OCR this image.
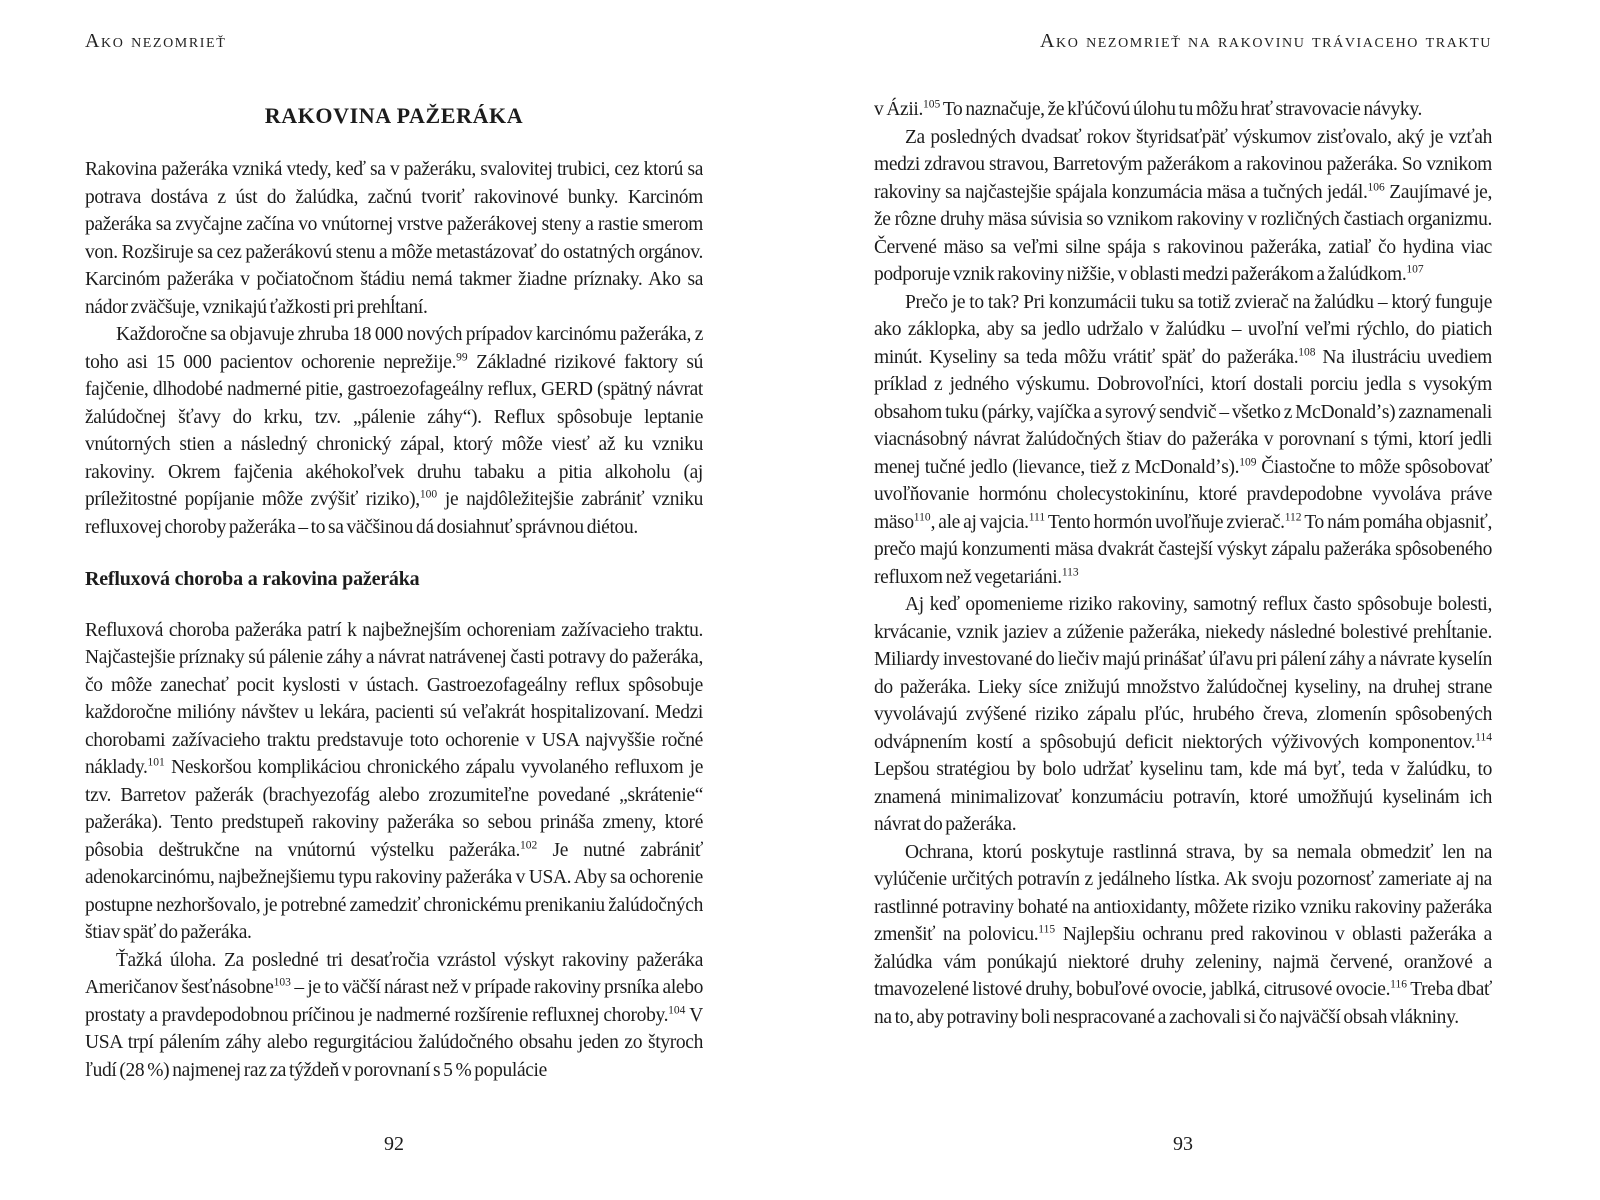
Ako nezomrieť
RAKOVINA PAŽERÁKA

Rakovina pažeráka vzniká vtedy, keď sa v pažeráku, svalovitej trubici, cez ktorú sa potrava dostáva z úst do žalúdka, začnú tvoriť rakovinové bunky. Karcinóm pažeráka sa zvyčajne začína vo vnútornej vrstve pažerákovej steny a rastie smerom von. Rozširuje sa cez pažerákovú stenu a môže metastázovať do ostatných orgánov. Karcinóm pažeráka v počiatočnom štádiu nemá takmer žiadne príznaky. Ako sa nádor zväčšuje, vznikajú ťažkosti pri prehĺtaní.

Každoročne sa objavuje zhruba 18 000 nových prípadov karcinómu pažeráka, z toho asi 15 000 pacientov ochorenie neprežije.$^{99}$ Základné rizikové faktory sú fajčenie, dlhodobé nadmerné pitie, gastroezofageálny reflux, GERD (spätný návrat žalúdočnej šťavy do krku, tzv. „pálenie záhy“). Reflux spôsobuje leptanie vnútorných stien a následný chronický zápal, ktorý môže viesť až ku vzniku rakoviny. Okrem fajčenia akéhokoľvek druhu tabaku a pitia alkoholu (aj príležitostné popíjanie môže zvýšiť riziko),$^{100}$ je najdôležitejšie zabrániť vzniku refluxovej choroby pažeráka – to sa väčšinou dá dosiahnuť správnou diétou.

Refluxová choroba a rakovina pažeráka

Refluxová choroba pažeráka patrí k najbežnejším ochoreniam zažívacieho traktu. Najčastejšie príznaky sú pálenie záhy a návrat natrávenej časti potravy do pažeráka, čo môže zanechať pocit kyslosti v ústach. Gastroezofageálny reflux spôsobuje každoročne milióny návštev u lekára, pacienti sú veľakrát hospitalizovaní. Medzi chorobami zažívacieho traktu predstavuje toto ochorenie v USA najvyššie ročné náklady.$^{101}$ Neskoršou komplikáciou chronického zápalu vyvolaného refluxom je tzv. Barretov pažerák (brachyezofág alebo zrozumiteľne povedané „skrátenie“ pažeráka). Tento predstupeň rakoviny pažeráka so sebou prináša zmeny, ktoré pôsobia deštrukčne na vnútornú výstelku pažeráka.$^{102}$ Je nutné zabrániť adenokarcinómu, najbežnejšiemu typu rakoviny pažeráka v USA. Aby sa ochorenie postupne nezhoršovalo, je potrebné zamedziť chronickému prenikaniu žalúdočných štiav späť do pažeráka.

Ťažká úloha. Za posledné tri desaťročia vzrástol výskyt rakoviny pažeráka Američanov šesťnásobne$^{103}$ – je to väčší nárast než v prípade rakoviny prsníka alebo prostaty a pravdepodobnou príčinou je nadmerné rozšírenie refluxnej choroby.$^{104}$ V USA trpí pálením záhy alebo regurgitáciou žalúdočného obsahu jeden zo štyroch ľudí (28 %) najmenej raz za týždeň v porovnaní s 5 % populácie

92
Ako nezomrieť na rakovinu tráviaceho traktu

v Ázii.$^{105}$ To naznačuje, že kľúčovú úlohu tu môžu hrať stravovacie návyky.

Za posledných dvadsať rokov štyridsaťpäť výskumov zisťovalo, aký je vzťah medzi zdravou stravou, Barretovým pažerákom a rakovinou pažeráka. So vznikom rakoviny sa najčastejšie spájala konzumácia mäsa a tučných jedál.$^{106}$ Zaujímavé je, že rôzne druhy mäsa súvisia so vznikom rakoviny v rozličných častiach organizmu. Červené mäso sa veľmi silne spája s rakovinou pažeráka, zatiaľ čo hydina viac podporuje vznik rakoviny nižšie, v oblasti medzi pažerákom a žalúdkom.$^{107}$

Prečo je to tak? Pri konzumácii tuku sa totiž zvierač na žalúdku – ktorý funguje ako záklopka, aby sa jedlo udržalo v žalúdku – uvoľní veľmi rýchlo, do piatich minút. Kyseliny sa teda môžu vrátiť späť do pažeráka.$^{108}$ Na ilustráciu uvediem príklad z jedného výskumu. Dobrovoľníci, ktorí dostali porciu jedla s vysokým obsahom tuku (párky, vajíčka a syrový sendvič – všetko z McDonaldʼs) zaznamenali viacnásobný návrat žalúdočných štiav do pažeráka v porovnaní s tými, ktorí jedli menej tučné jedlo (lievance, tiež z McDonaldʼs).$^{109}$ Čiastočne to môže spôsobovať uvoľňovanie hormónu cholecystokinínu, ktoré pravdepodobne vyvoláva práve mäso$^{110}$, ale aj vajcia.$^{111}$ Tento hormón uvoľňuje zvierač.$^{112}$ To nám pomáha objasniť, prečo majú konzumenti mäsa dvakrát častejší výskyt zápalu pažeráka spôsobeného refluxom než vegetariáni.$^{113}$

Aj keď opomenieme riziko rakoviny, samotný reflux často spôsobuje bolesti, krvácanie, vznik jaziev a zúženie pažeráka, niekedy následné bolestivé prehĺtanie. Miliardy investované do liečiv majú prinášať úľavu pri pálení záhy a návrate kyselín do pažeráka. Lieky síce znižujú množstvo žalúdočnej kyseliny, na druhej strane vyvolávajú zvýšené riziko zápalu pľúc, hrubého čreva, zlomenín spôsobených odvápnením kostí a spôsobujú deficit niektorých výživových komponentov.$^{114}$ Lepšou stratégiou by bolo udržať kyselinu tam, kde má byť, teda v žalúdku, to znamená minimalizovať konzumáciu potravín, ktoré umožňujú kyselinám ich návrat do pažeráka.

Ochrana, ktorú poskytuje rastlinná strava, by sa nemala obmedziť len na vylúčenie určitých potravín z jedálneho lístka. Ak svoju pozornosť zameriate aj na rastlinné potraviny bohaté na antioxidanty, môžete riziko vzniku rakoviny pažeráka zmenšiť na polovicu.$^{115}$ Najlepšiu ochranu pred rakovinou v oblasti pažeráka a žalúdka vám ponúkajú niektoré druhy zeleniny, najmä červené, oranžové a tmavozelené listové druhy, bobuľové ovocie, jablká, citrusové ovocie.$^{116}$ Treba dbať na to, aby potraviny boli nespracované a zachovali si čo najväčší obsah vlákniny.

93
